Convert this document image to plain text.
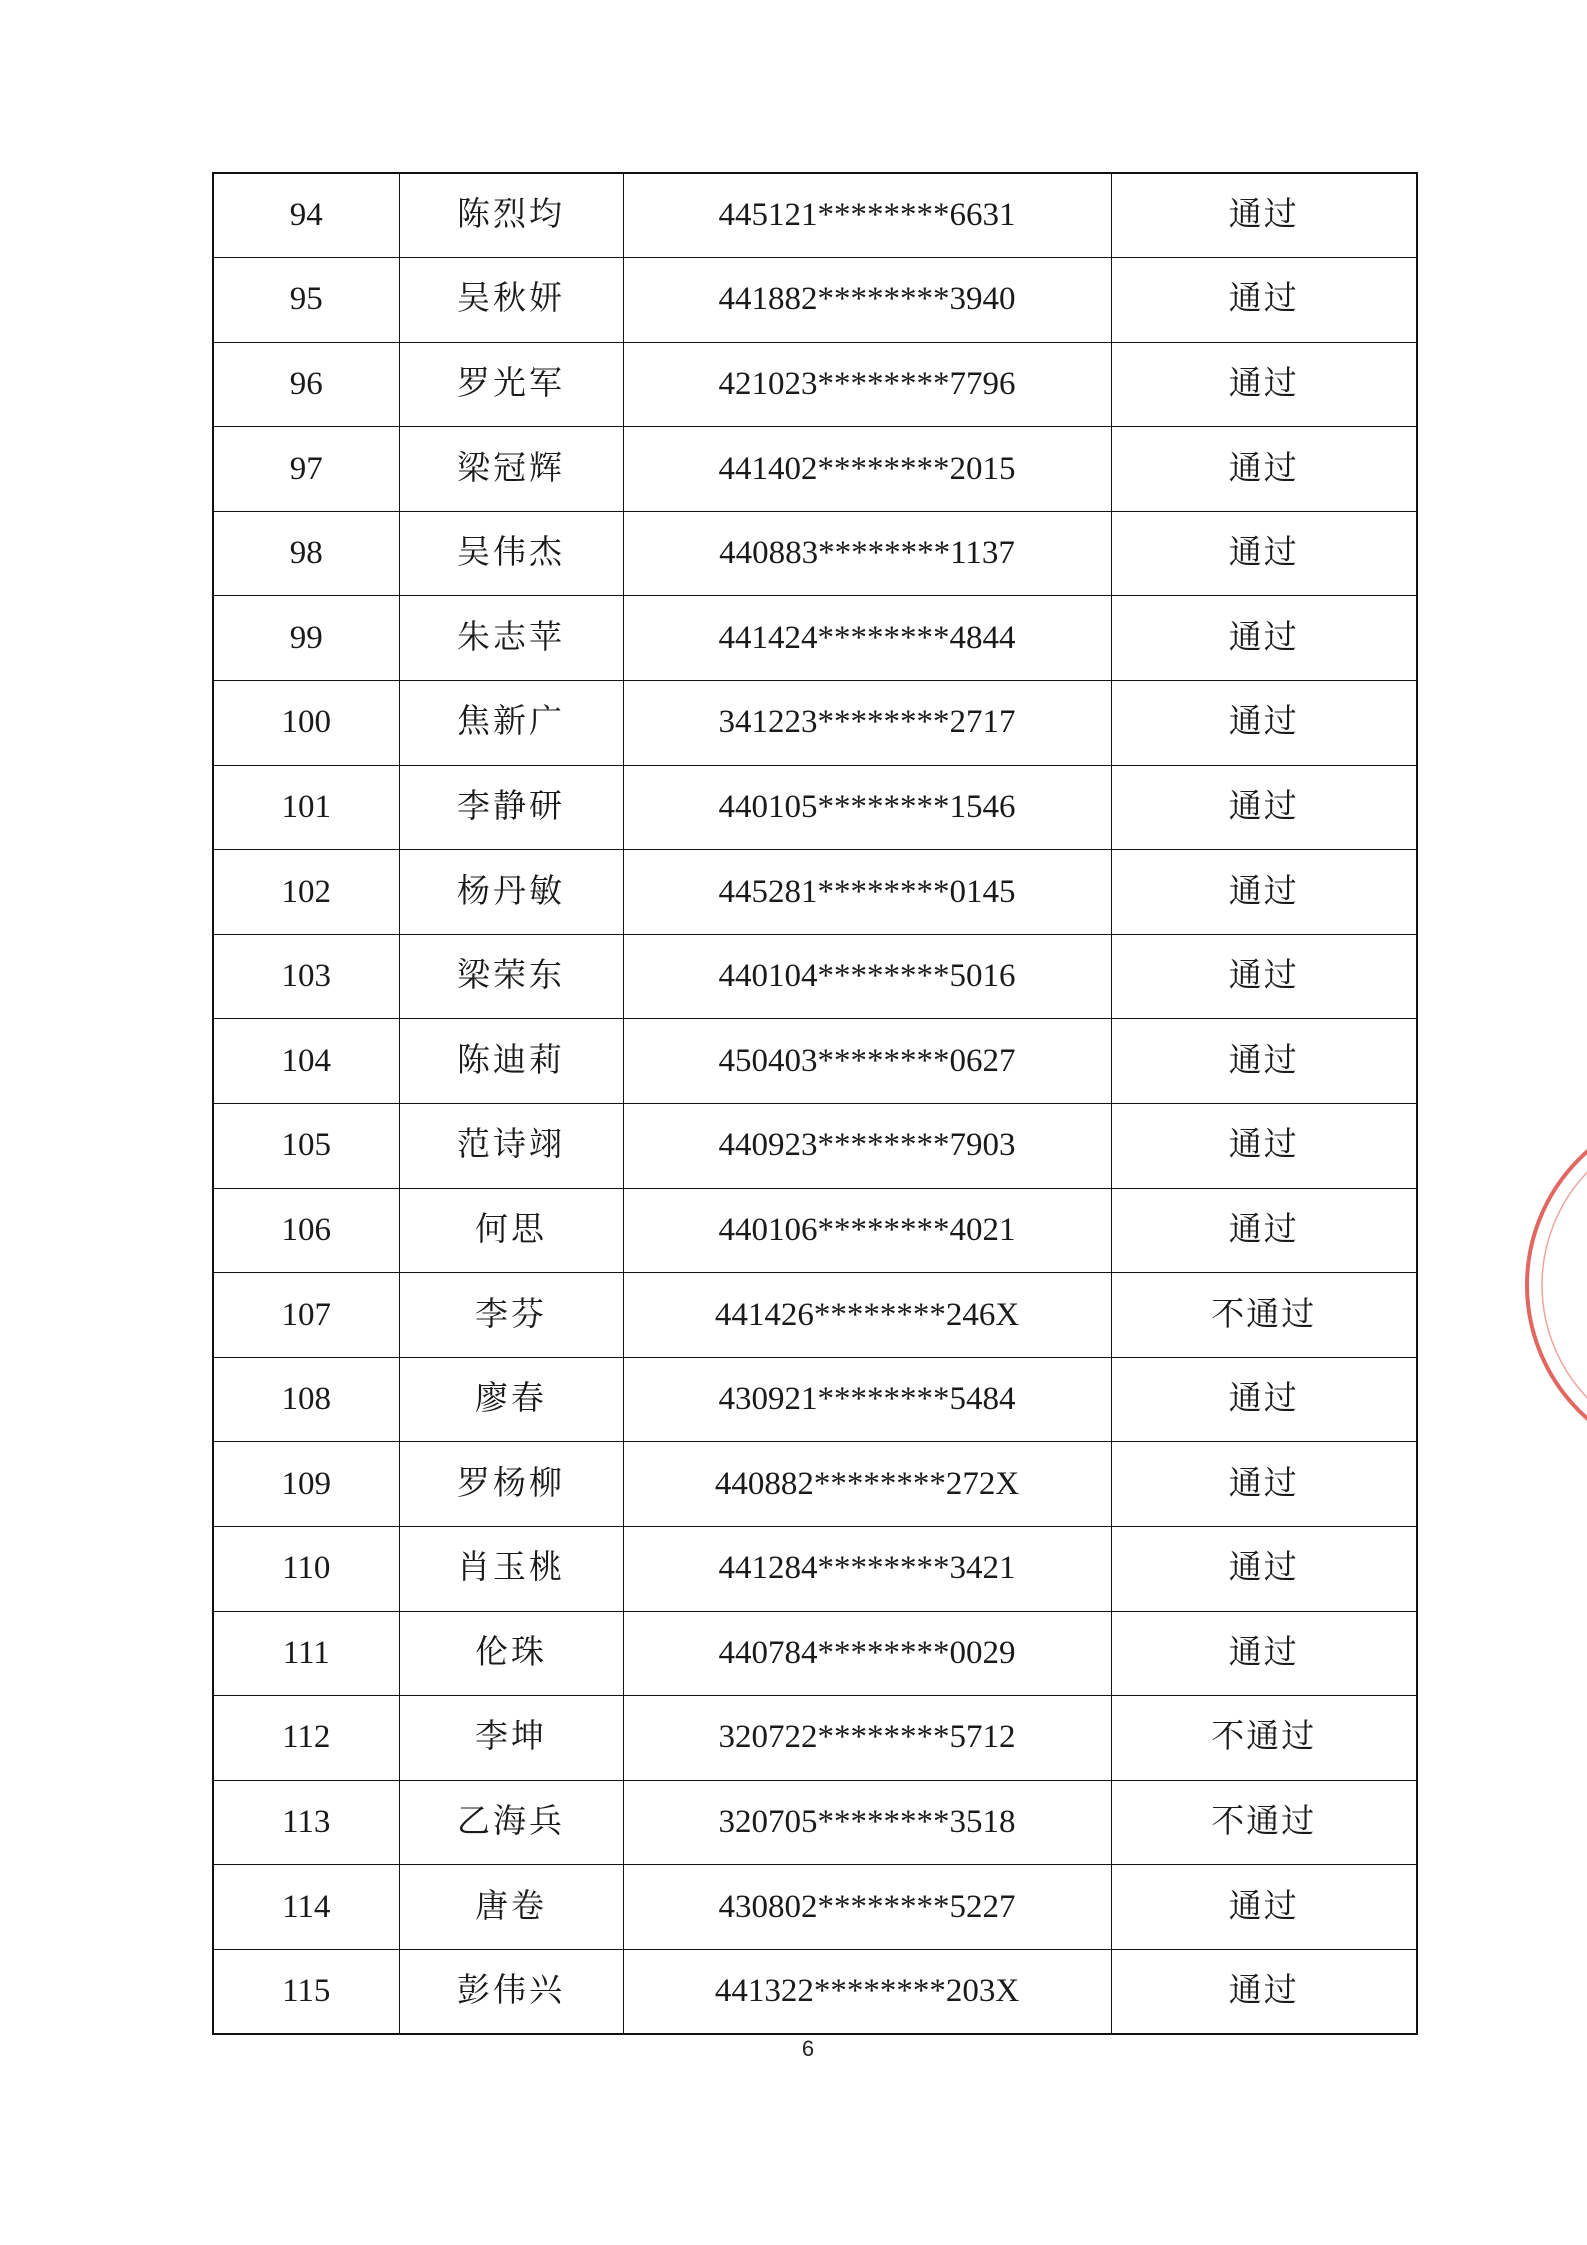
94	陈烈均	445121********6631	通过
95	吴秋妍	441882********3940	通过
96	罗光军	421023********7796	通过
97	梁冠辉	441402********2015	通过
98	吴伟杰	440883********1137	通过
99	朱志苹	441424********4844	通过
100	焦新广	341223********2717	通过
101	李静研	440105********1546	通过
102	杨丹敏	445281********0145	通过
103	梁荣东	440104********5016	通过
104	陈迪莉	450403********0627	通过
105	范诗翊	440923********7903	通过
106	何思	440106********4021	通过
107	李芬	441426********246X	不通过
108	廖春	430921********5484	通过
109	罗杨柳	440882********272X	通过
110	肖玉桃	441284********3421	通过
111	伦珠	440784********0029	通过
112	李坤	320722********5712	不通过
113	乙海兵	320705********3518	不通过
114	唐卷	430802********5227	通过
115	彭伟兴	441322********203X	通过
6
